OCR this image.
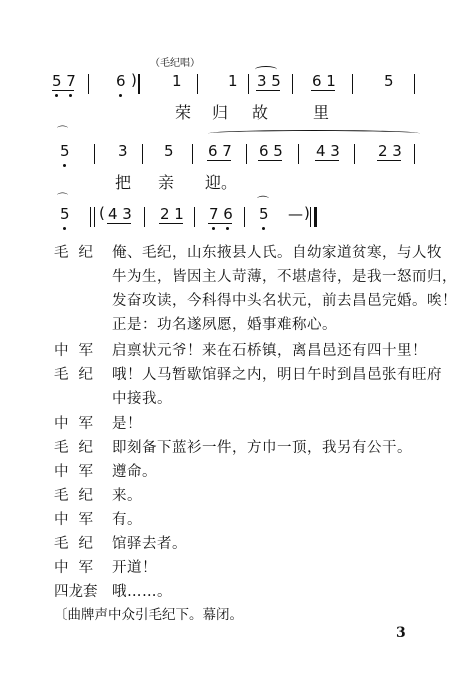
（毛纪唱）
5 7	6 ) 1	1 3 5 6 1	5
荣 归 故	里
⌒
5	3 5 6 7 6 5 4 3	2 3
把 亲 迎。
⌒
5 ( 4 3 2 1 7 6
⌒
5 — )
毛纪 俺、毛纪，山东掖县人氏。自幼家道贫寒，与人牧
牛为生，皆因主人苛薄，不堪虐待，是我一怒而归，
发奋攻读，今科得中头名状元，前去昌邑完婚。唉！
正是：功名遂夙愿，婚事难称心。
中军 启禀状元爷！来在石桥镇，离昌邑还有四十里！
毛纪 哦！人马暂歇馆驿之内，明日午时到昌邑张有旺府
中接我。
中军 是！
毛纪 即刻备下蓝衫一件，方巾一顶，我另有公干。
中军 遵命。
毛纪 来。
中军 有。
毛纪 馆驿去者。
中军 开道！
四龙套 哦……。
〔曲牌声中众引毛纪下。幕闭。
3
